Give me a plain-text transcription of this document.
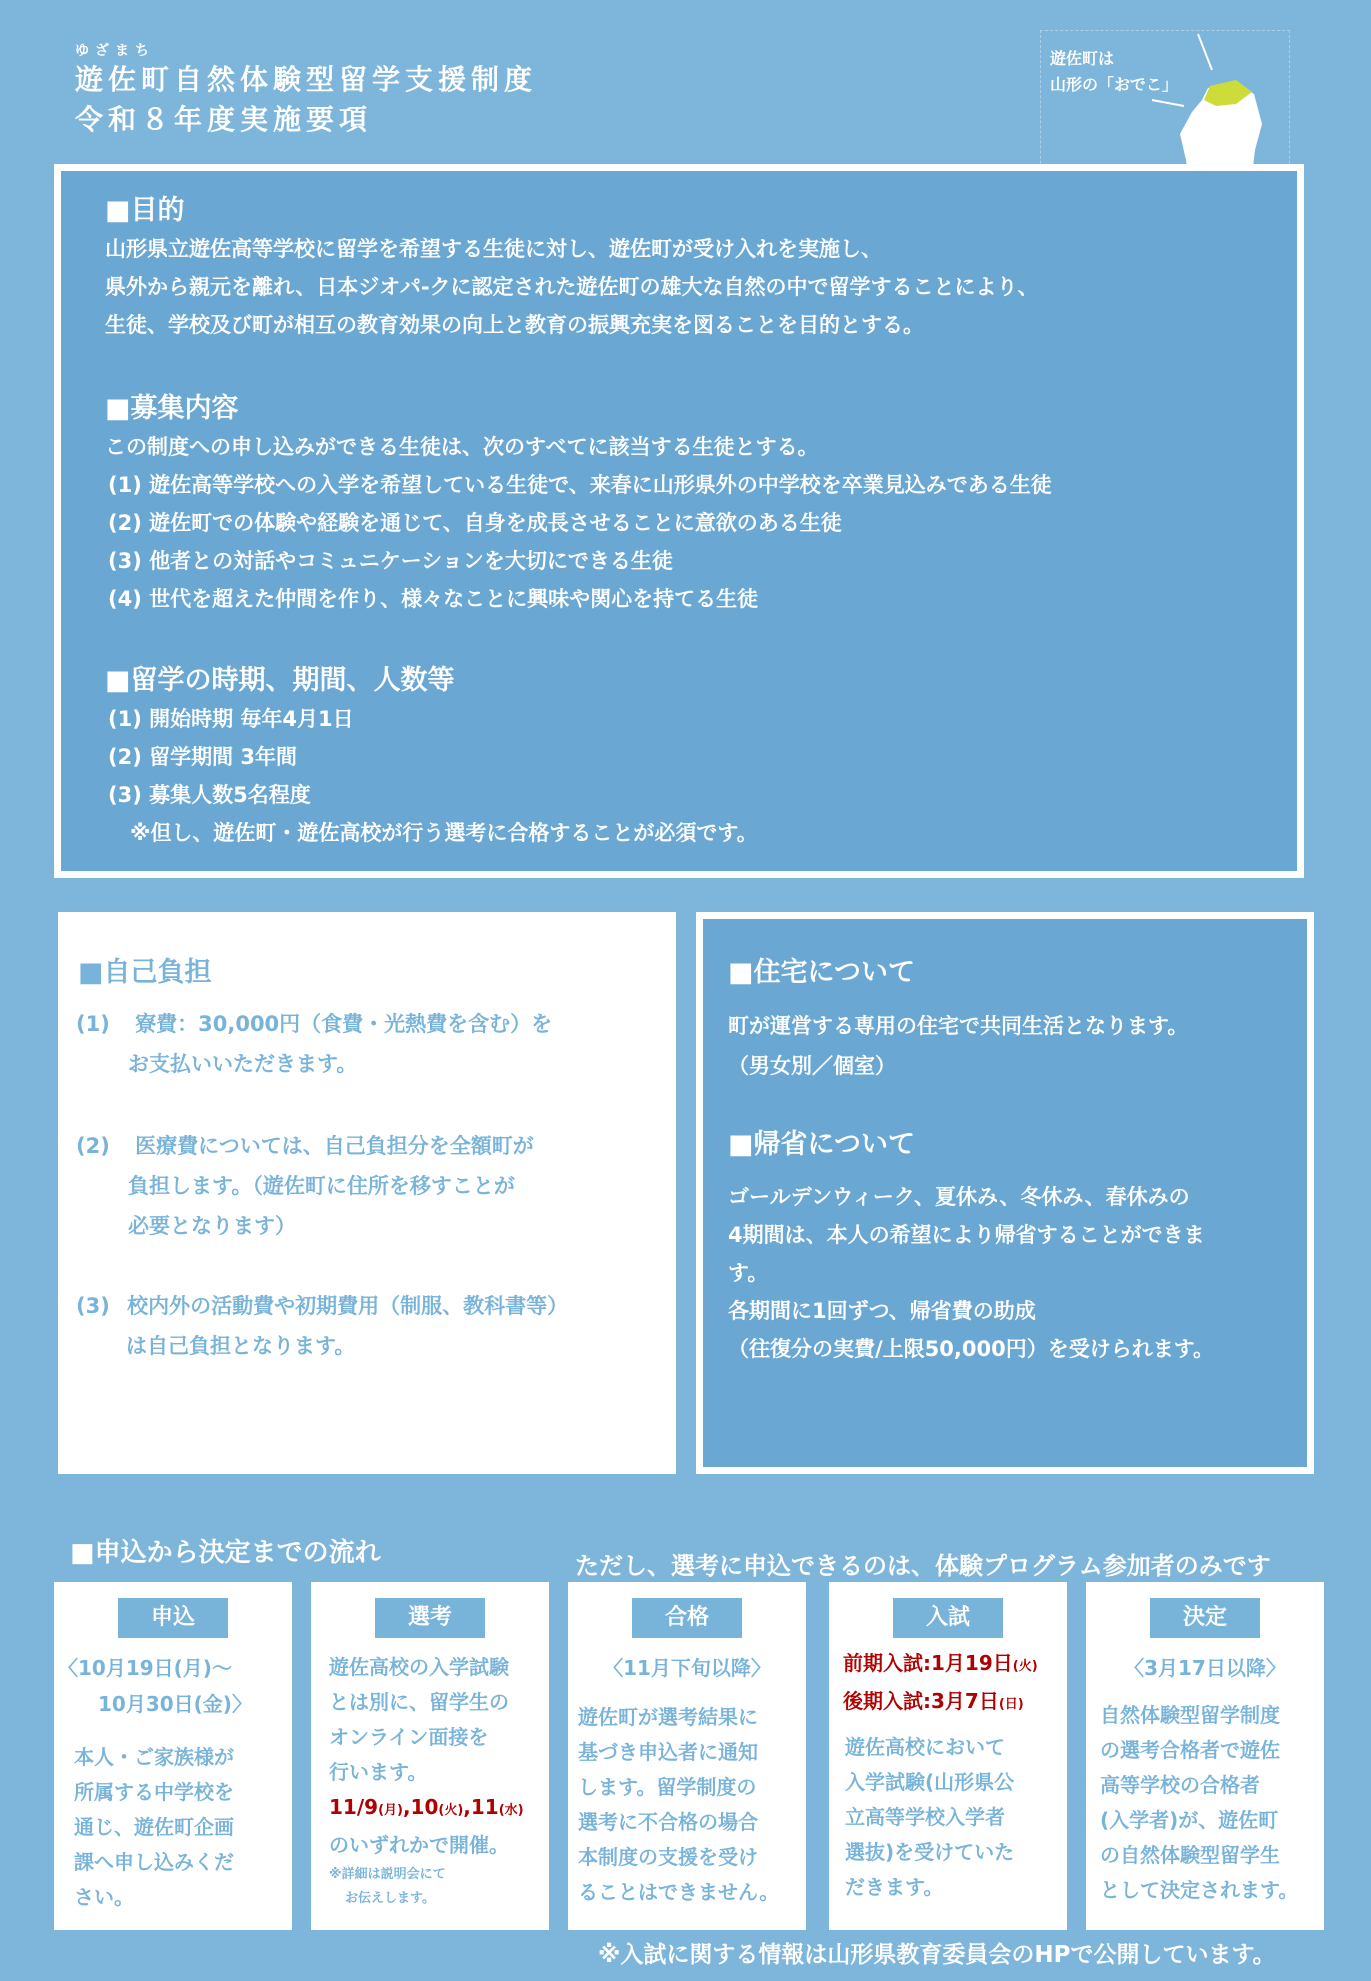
ゆざまち
遊佐町自然体験型留学支援制度
令和８年度実施要項
遊佐町は
山形の「おでこ」
■目的
山形県立遊佐高等学校に留学を希望する生徒に対し、遊佐町が受け入れを実施し、
県外から親元を離れ、日本ジオパ-クに認定された遊佐町の雄大な自然の中で留学することにより、
生徒、学校及び町が相互の教育効果の向上と教育の振興充実を図ることを目的とする。
■募集内容
この制度への申し込みができる生徒は、次のすべてに該当する生徒とする。
(1) 遊佐高等学校への入学を希望している生徒で、来春に山形県外の中学校を卒業見込みである生徒
(2) 遊佐町での体験や経験を通じて、自身を成長させることに意欲のある生徒
(3) 他者との対話やコミュニケーションを大切にできる生徒
(4) 世代を超えた仲間を作り、様々なことに興味や関心を持てる生徒
■留学の時期、期間、人数等
(1) 開始時期 毎年4月1日
(2) 留学期間 3年間
(3) 募集人数5名程度
※但し、遊佐町・遊佐高校が行う選考に合格することが必須です。
■自己負担
(1) 寮費：30,000円（食費・光熱費を含む）を
お支払いいただきます。
(2) 医療費については、自己負担分を全額町が
負担します。（遊佐町に住所を移すことが
必要となります）
(3) 校内外の活動費や初期費用（制服、教科書等）
は自己負担となります。
■住宅について
町が運営する専用の住宅で共同生活となります。
（男女別／個室）
■帰省について
ゴールデンウィーク、夏休み、冬休み、春休みの
4期間は、本人の希望により帰省することができま
す。
各期間に1回ずつ、帰省費の助成
（往復分の実費/上限50,000円）を受けられます。
■申込から決定までの流れ	ただし、選考に申込できるのは、体験プログラム参加者のみです
申込
〈10月19日(月)～
10月30日(金)〉
本人・ご家族様が
所属する中学校を
通じ、遊佐町企画
課へ申し込みくだ
さい。
選考
遊佐高校の入学試験
とは別に、留学生の
オンライン面接を
行います。
11/9(月),10(火),11(水)
のいずれかで開催。
※詳細は説明会にて
お伝えします。
合格
〈11月下旬以降〉
遊佐町が選考結果に
基づき申込者に通知
します。留学制度の
選考に不合格の場合
本制度の支援を受け
ることはできません。
入試
前期入試:1月19日(火)
後期入試:3月7日(日)
遊佐高校において
入学試験(山形県公
立高等学校入学者
選抜)を受けていた
だきます。
決定
〈3月17日以降〉
自然体験型留学制度
の選考合格者で遊佐
高等学校の合格者
(入学者)が、遊佐町
の自然体験型留学生
として決定されます。
※入試に関する情報は山形県教育委員会のHPで公開しています。
